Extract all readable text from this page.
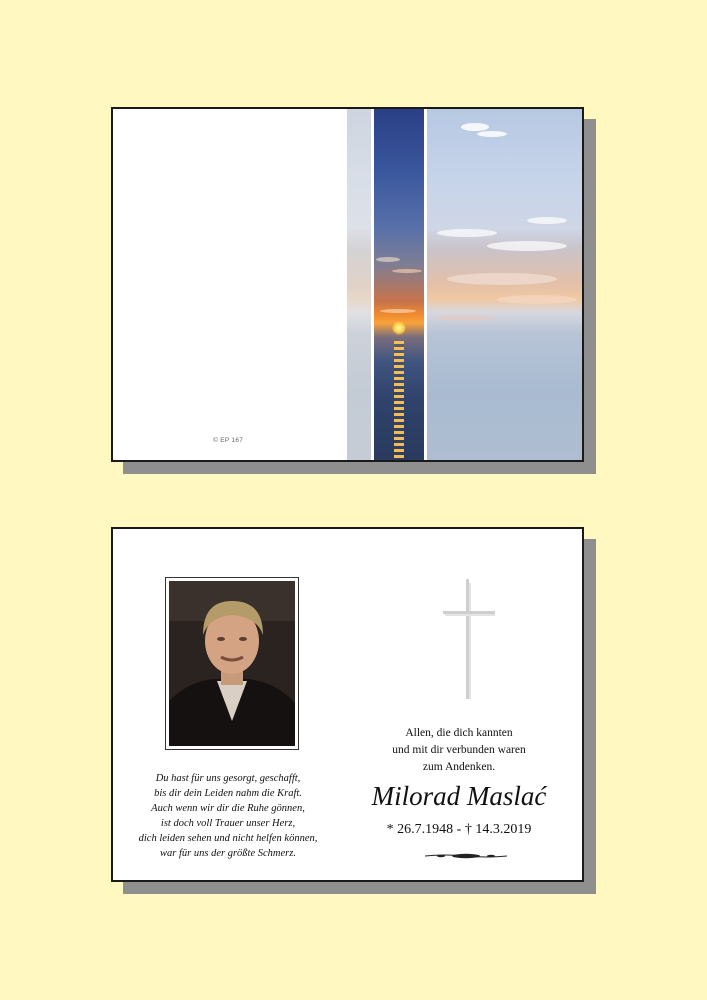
© EP 167
Du hast für uns gesorgt, geschafft,
bis dir dein Leiden nahm die Kraft.
Auch wenn wir dir die Ruhe gönnen,
ist doch voll Trauer unser Herz,
dich leiden sehen und nicht helfen können,
war für uns der größte Schmerz.
Allen, die dich kannten
und mit dir verbunden waren
zum Andenken.
Milorad Maslać
* 26.7.1948 - † 14.3.2019
